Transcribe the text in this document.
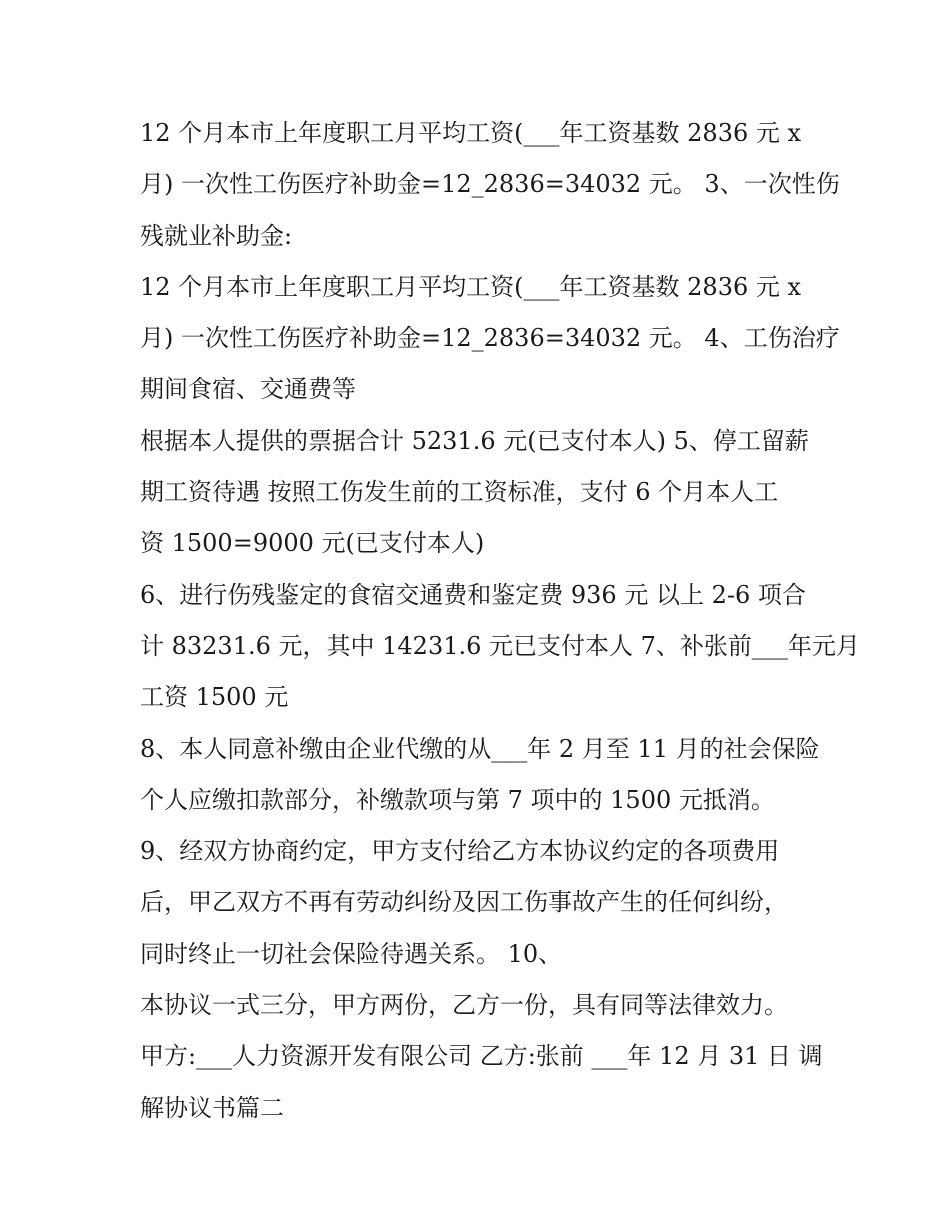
12 个月本市上年度职工月平均工资(___年工资基数 2836 元 x
月) 一次性工伤医疗补助金=12_2836=34032 元。 3、一次性伤
残就业补助金:
12 个月本市上年度职工月平均工资(___年工资基数 2836 元 x
月) 一次性工伤医疗补助金=12_2836=34032 元。 4、工伤治疗
期间食宿、交通费等
根据本人提供的票据合计 5231.6 元(已支付本人) 5、停工留薪
期工资待遇 按照工伤发生前的工资标准，支付 6 个月本人工
资 1500=9000 元(已支付本人)
6、进行伤残鉴定的食宿交通费和鉴定费 936 元 以上 2-6 项合
计 83231.6 元，其中 14231.6 元已支付本人 7、补张前___年元月
工资 1500 元
8、本人同意补缴由企业代缴的从___年 2 月至 11 月的社会保险
个人应缴扣款部分，补缴款项与第 7 项中的 1500 元抵消。
9、经双方协商约定，甲方支付给乙方本协议约定的各项费用
后，甲乙双方不再有劳动纠纷及因工伤事故产生的任何纠纷，
同时终止一切社会保险待遇关系。 10、
本协议一式三分，甲方两份，乙方一份，具有同等法律效力。
甲方:___人力资源开发有限公司 乙方:张前 ___年 12 月 31 日 调
解协议书篇二
